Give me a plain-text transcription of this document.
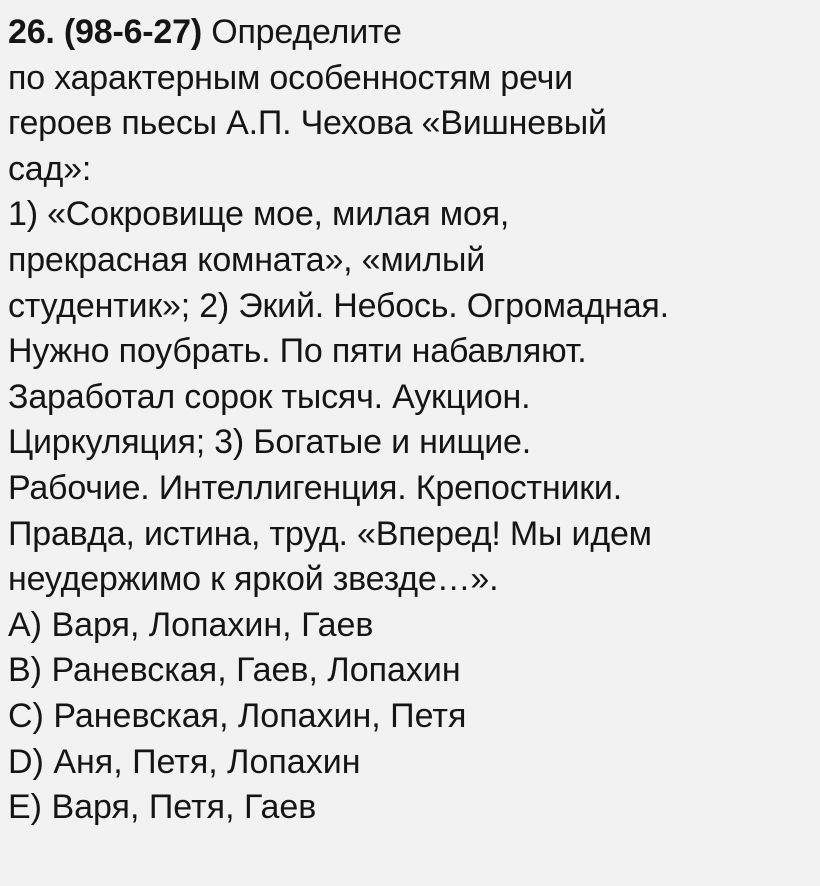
26. (98-6-27) Определите
по характерным особенностям речи
героев пьесы А.П. Чехова «Вишневый
сад»:
1) «Сокровище мое, милая моя,
прекрасная комната», «милый
студентик»; 2) Экий. Небось. Огромадная.
Нужно поубрать. По пяти набавляют.
Заработал сорок тысяч. Аукцион.
Циркуляция; 3) Богатые и нищие.
Рабочие. Интеллигенция. Крепостники.
Правда, истина, труд. «Вперед! Мы идем
неудержимо к яркой звезде…».
A) Варя, Лопахин, Гаев
B) Раневская, Гаев, Лопахин
C) Раневская, Лопахин, Петя
D) Аня, Петя, Лопахин
E) Варя, Петя, Гаев
